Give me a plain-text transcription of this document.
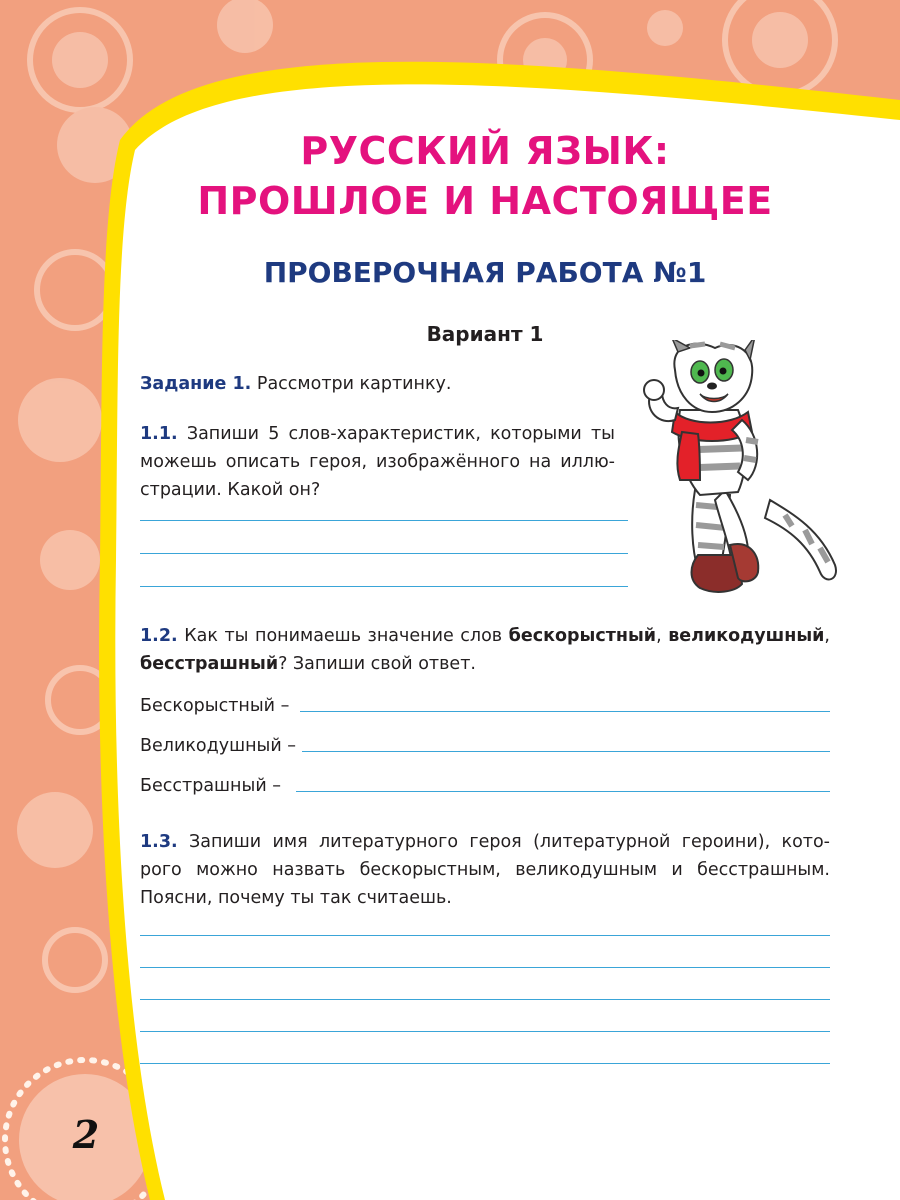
РУССКИЙ ЯЗЫК:
ПРОШЛОЕ И НАСТОЯЩЕЕ
ПРОВЕРОЧНАЯ РАБОТА №1
Вариант 1
Задание 1. Рассмотри картинку.
1.1. Запиши 5 слов-характеристик, которыми ты можешь описать героя, изображённого на иллю-страции. Какой он?
1.2. Как ты понимаешь значение слов бескорыстный, великодушный, бесстрашный? Запиши свой ответ.
Бескорыстный –
Великодушный –
Бесстрашный –
1.3. Запиши имя литературного героя (литературной героини), кото-рого можно назвать бескорыстным, великодушным и бесстрашным. Поясни, почему ты так считаешь.
2
